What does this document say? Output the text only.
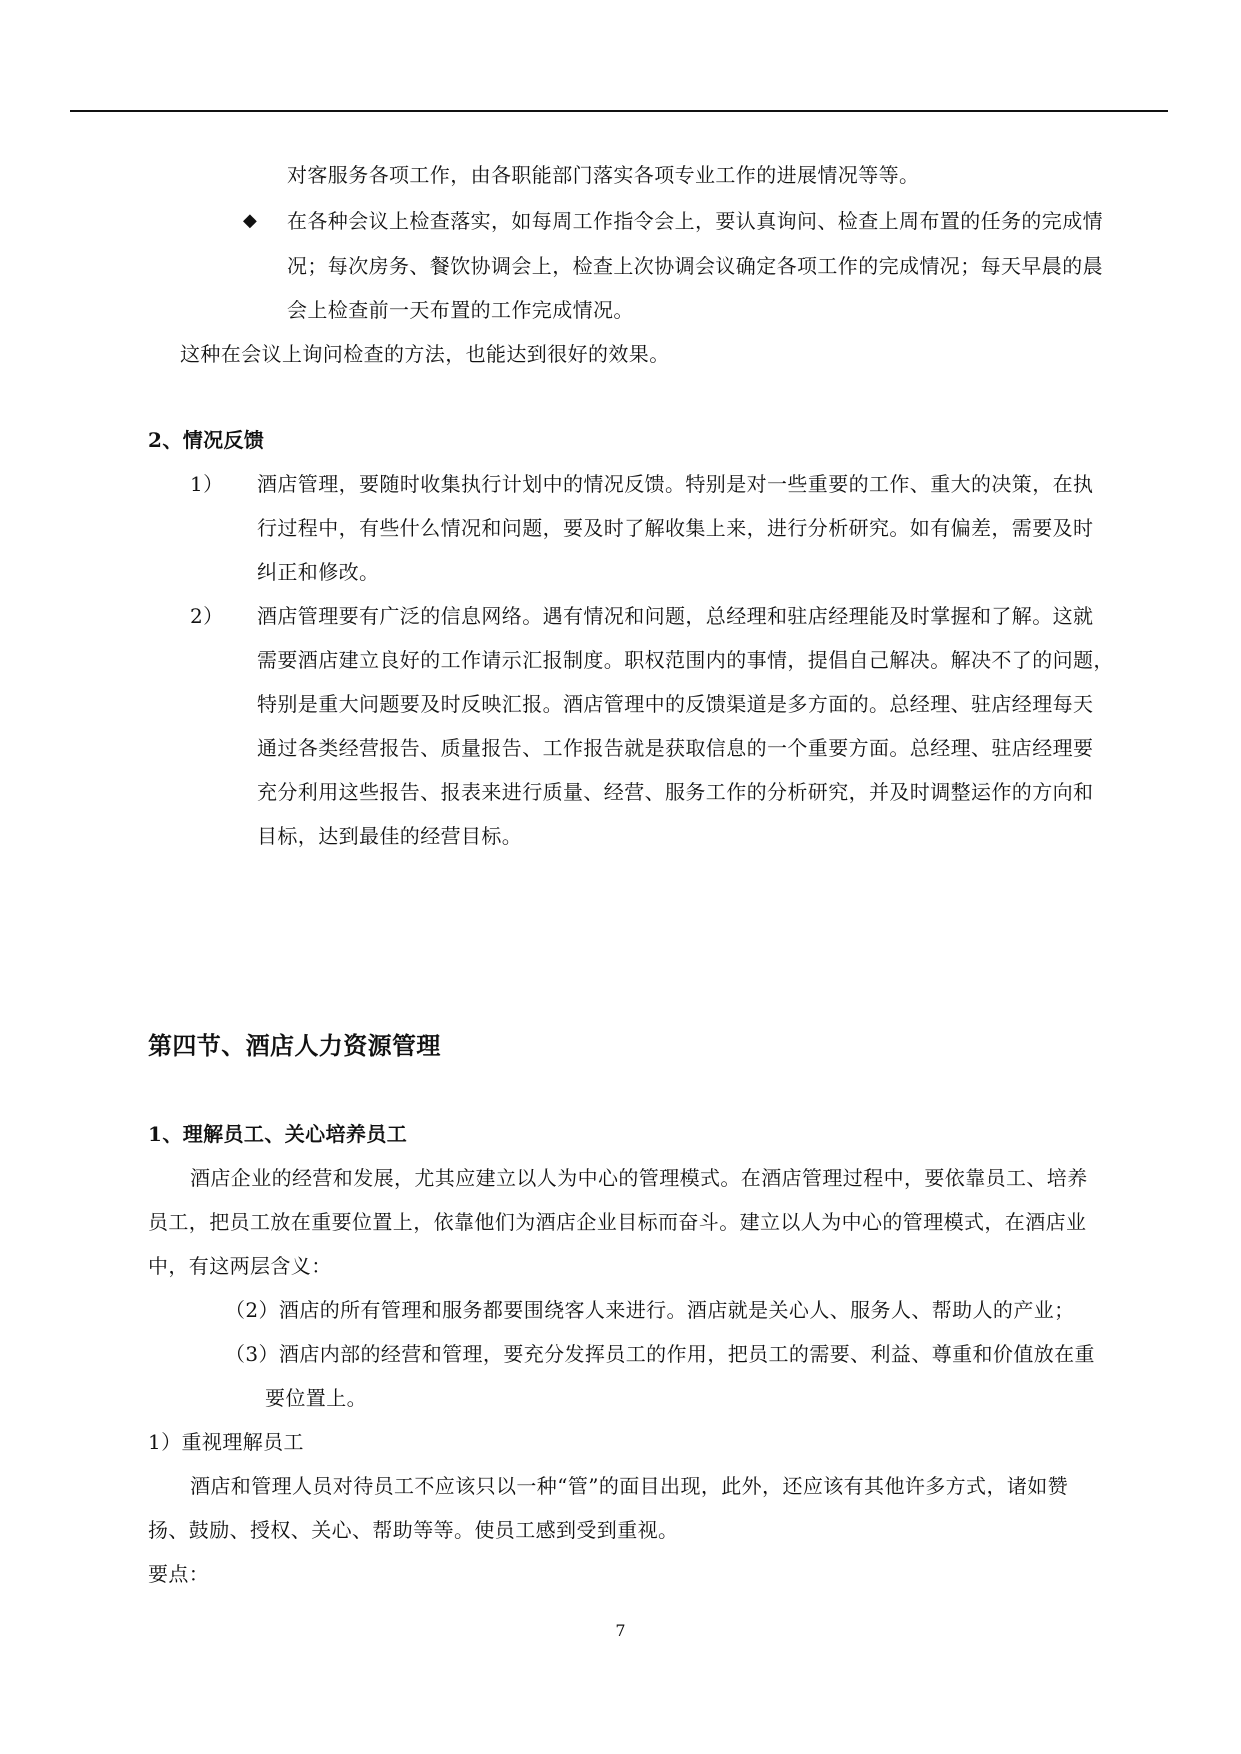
对客服务各项工作，由各职能部门落实各项专业工作的进展情况等等。
◆ 在各种会议上检查落实，如每周工作指令会上，要认真询问、检查上周布置的任务的完成情
况；每次房务、餐饮协调会上，检查上次协调会议确定各项工作的完成情况；每天早晨的晨
会上检查前一天布置的工作完成情况。
这种在会议上询问检查的方法，也能达到很好的效果。
2、情况反馈
1） 酒店管理，要随时收集执行计划中的情况反馈。特别是对一些重要的工作、重大的决策，在执
行过程中，有些什么情况和问题，要及时了解收集上来，进行分析研究。如有偏差，需要及时
纠正和修改。
2） 酒店管理要有广泛的信息网络。遇有情况和问题，总经理和驻店经理能及时掌握和了解。这就
需要酒店建立良好的工作请示汇报制度。职权范围内的事情，提倡自己解决。解决不了的问题，
特别是重大问题要及时反映汇报。酒店管理中的反馈渠道是多方面的。总经理、驻店经理每天
通过各类经营报告、质量报告、工作报告就是获取信息的一个重要方面。总经理、驻店经理要
充分利用这些报告、报表来进行质量、经营、服务工作的分析研究，并及时调整运作的方向和
目标，达到最佳的经营目标。
第四节、酒店人力资源管理
1、理解员工、关心培养员工
酒店企业的经营和发展，尤其应建立以人为中心的管理模式。在酒店管理过程中，要依靠员工、培养
员工，把员工放在重要位置上，依靠他们为酒店企业目标而奋斗。建立以人为中心的管理模式，在酒店业
中，有这两层含义：
（2）酒店的所有管理和服务都要围绕客人来进行。酒店就是关心人、服务人、帮助人的产业；
（3）酒店内部的经营和管理，要充分发挥员工的作用，把员工的需要、利益、尊重和价值放在重
要位置上。
1）重视理解员工
酒店和管理人员对待员工不应该只以一种“管”的面目出现，此外，还应该有其他许多方式，诸如赞
扬、鼓励、授权、关心、帮助等等。使员工感到受到重视。
要点：
7
